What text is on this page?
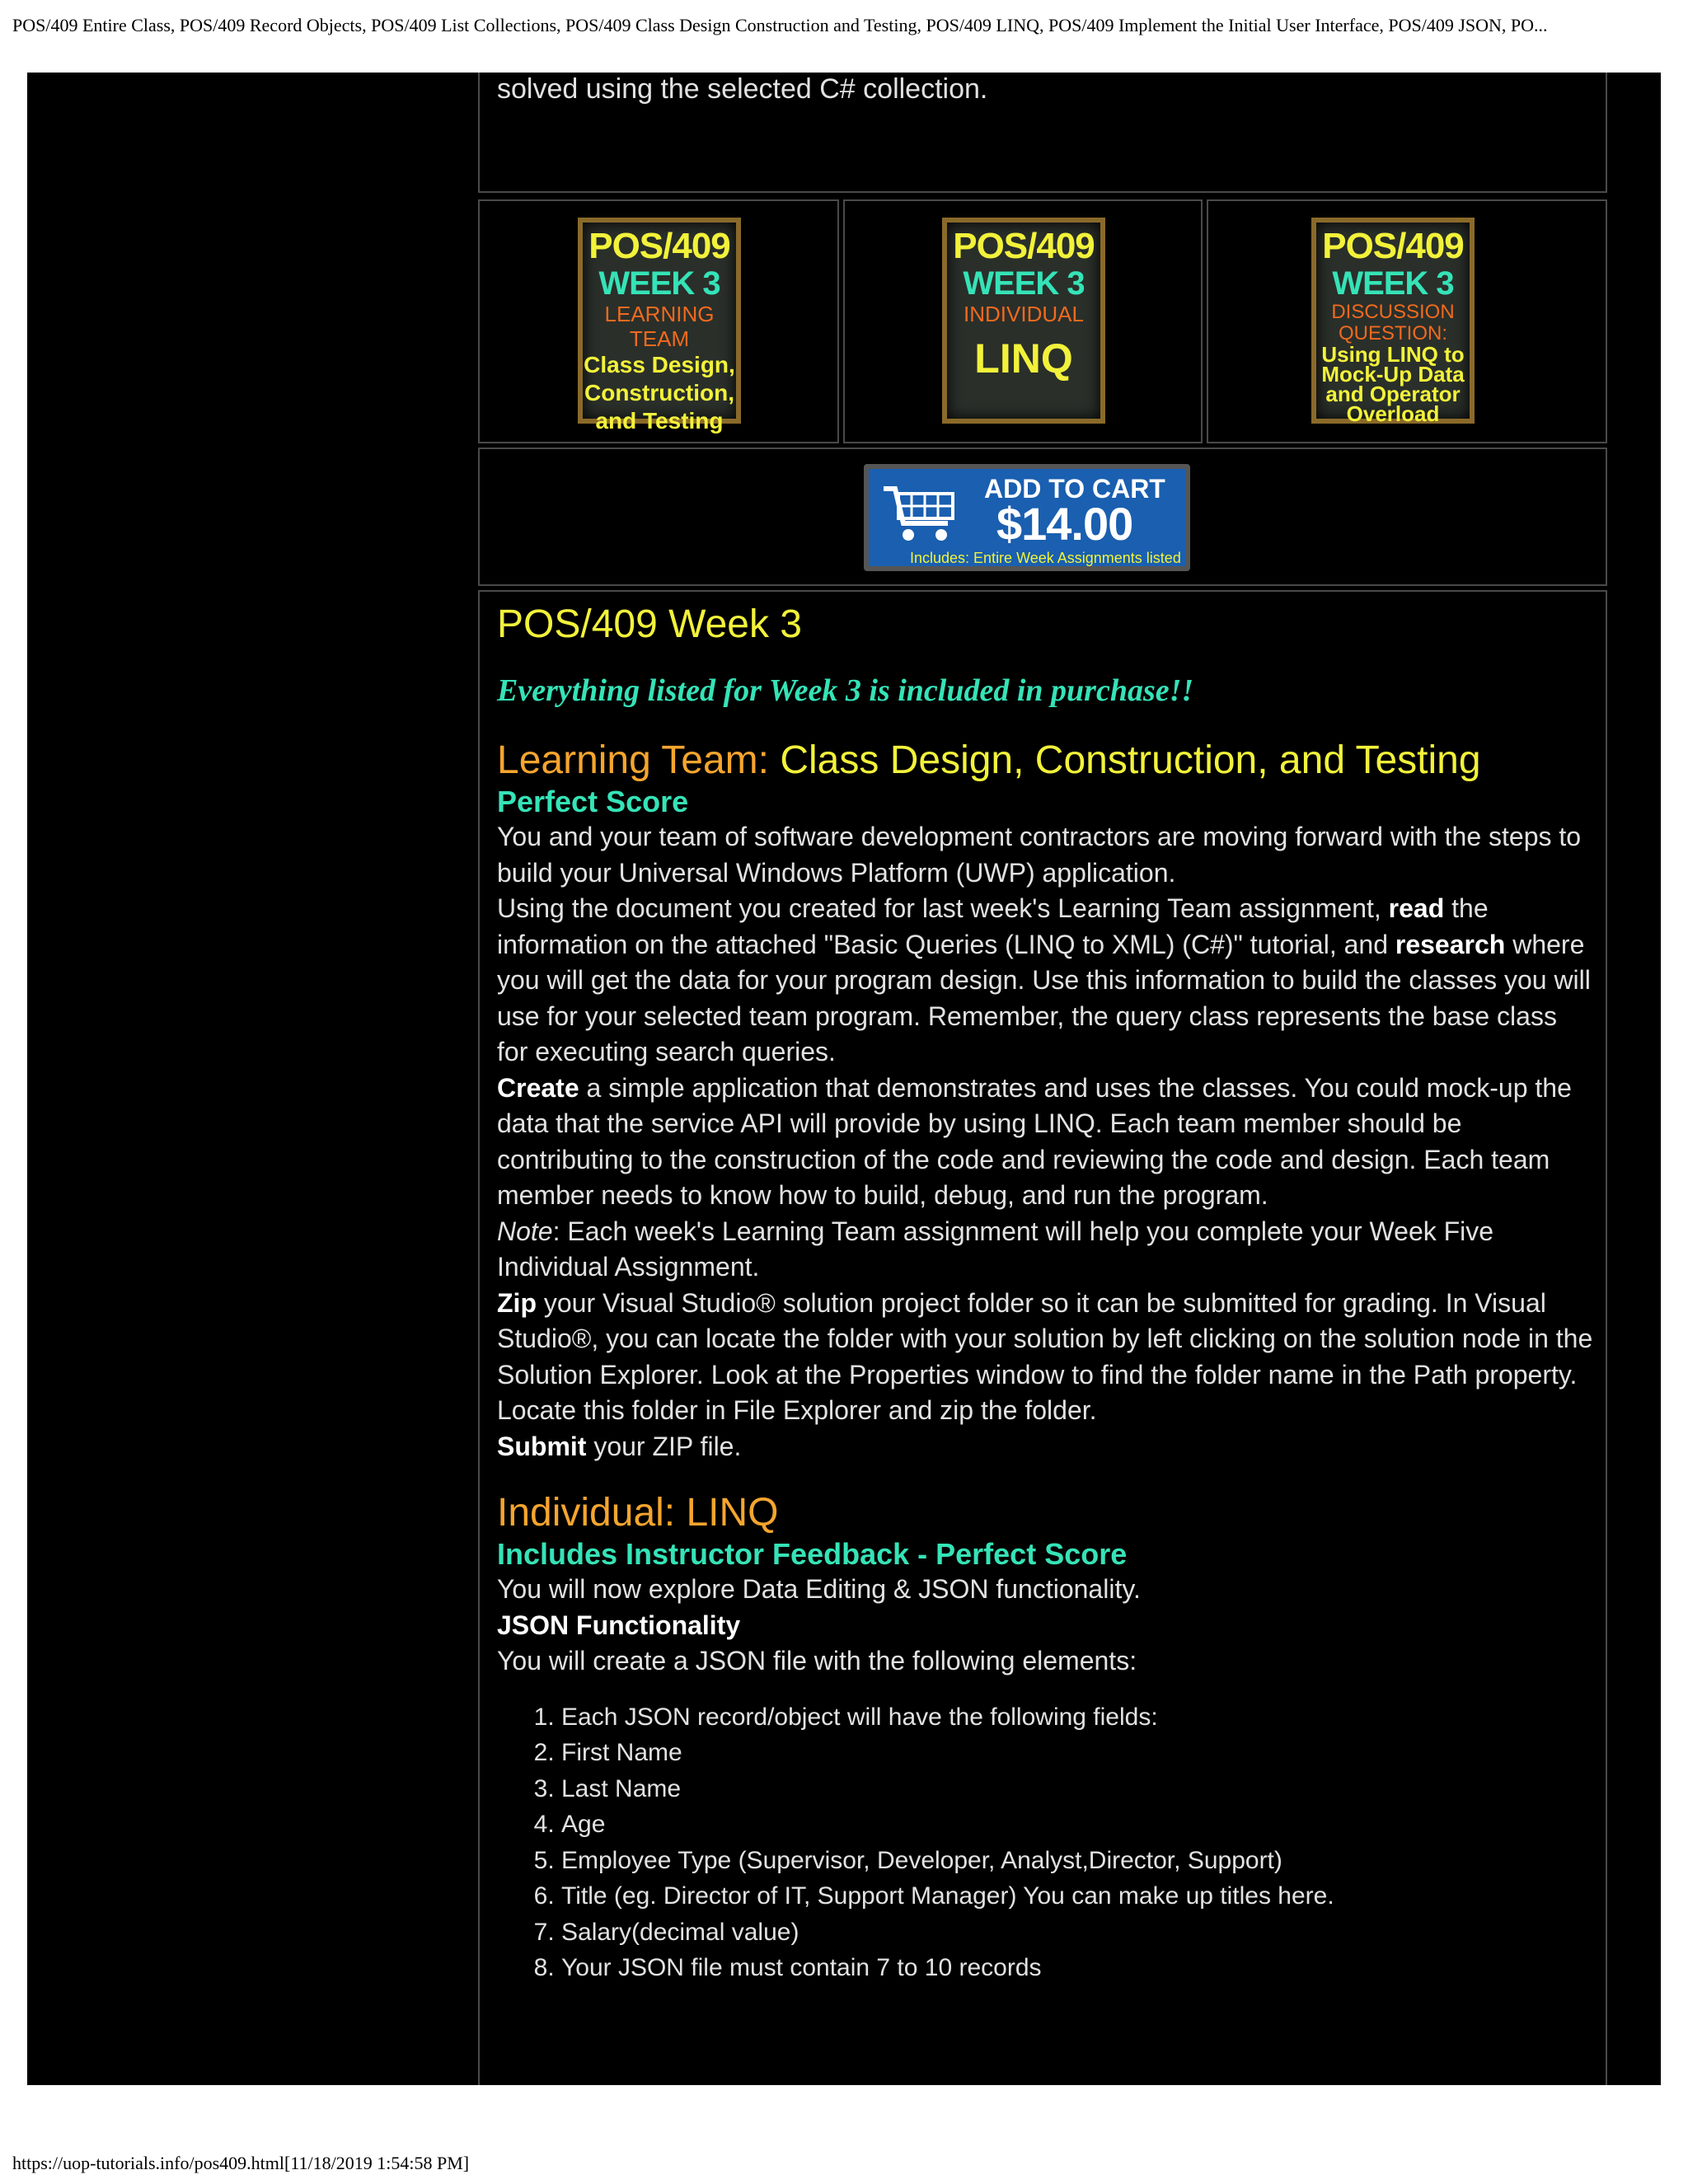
POS/409 Entire Class, POS/409 Record Objects, POS/409 List Collections, POS/409 Class Design Construction and Testing, POS/409 LINQ, POS/409 Implement the Initial User Interface, POS/409 JSON, PO...
solved using the selected C# collection.
POS/409
WEEK 3
LEARNING TEAM
Class Design,
Construction,
and Testing
POS/409
WEEK 3
INDIVIDUAL
LINQ
POS/409
WEEK 3
DISCUSSION
QUESTION:
Using LINQ to
Mock-Up Data
and Operator
Overload
ADD TO CART
$14.00
Includes: Entire Week Assignments listed
POS/409 Week 3

Everything listed for Week 3 is included in purchase!!

Learning Team: Class Design, Construction, and Testing

Perfect Score

You and your team of software development contractors are moving forward with the steps to build your Universal Windows Platform (UWP) application.

Using the document you created for last week's Learning Team assignment, read the information on the attached "Basic Queries (LINQ to XML) (C#)" tutorial, and research where you will get the data for your program design. Use this information to build the classes you will use for your selected team program. Remember, the query class represents the base class for executing search queries.

Create a simple application that demonstrates and uses the classes. You could mock-up the data that the service API will provide by using LINQ. Each team member should be contributing to the construction of the code and reviewing the code and design. Each team member needs to know how to build, debug, and run the program.

Note: Each week's Learning Team assignment will help you complete your Week Five Individual Assignment.

Zip your Visual Studio® solution project folder so it can be submitted for grading. In Visual Studio®, you can locate the folder with your solution by left clicking on the solution node in the Solution Explorer. Look at the Properties window to find the folder name in the Path property. Locate this folder in File Explorer and zip the folder.

Submit your ZIP file.

Individual: LINQ

Includes Instructor Feedback - Perfect Score

You will now explore Data Editing & JSON functionality.

JSON Functionality

You will create a JSON file with the following elements:

1. Each JSON record/object will have the following fields:
2. First Name
3. Last Name
4. Age
5. Employee Type (Supervisor, Developer, Analyst,Director, Support)
6. Title (eg. Director of IT, Support Manager) You can make up titles here.
7. Salary(decimal value)
8. Your JSON file must contain 7 to 10 records
https://uop-tutorials.info/pos409.html[11/18/2019 1:54:58 PM]
